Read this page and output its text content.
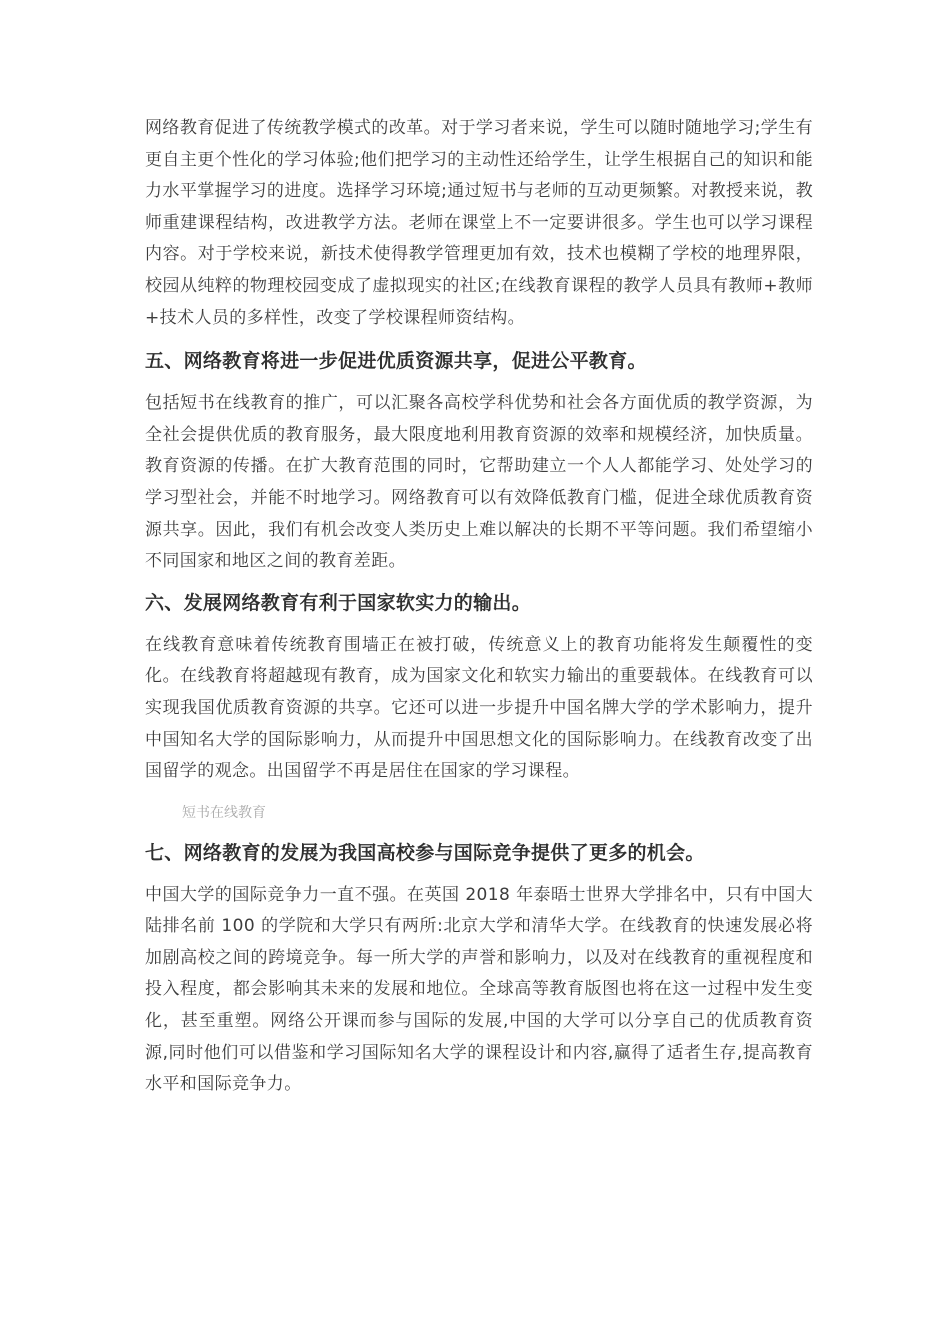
网络教育促进了传统教学模式的改革。对于学习者来说，学生可以随时随地学习;学生有更自主更个性化的学习体验;他们把学习的主动性还给学生，让学生根据自己的知识和能力水平掌握学习的进度。选择学习环境;通过短书与老师的互动更频繁。对教授来说，教师重建课程结构，改进教学方法。老师在课堂上不一定要讲很多。学生也可以学习课程内容。对于学校来说，新技术使得教学管理更加有效，技术也模糊了学校的地理界限，校园从纯粹的物理校园变成了虚拟现实的社区;在线教育课程的教学人员具有教师+教师+技术人员的多样性，改变了学校课程师资结构。

五、网络教育将进一步促进优质资源共享，促进公平教育。

包括短书在线教育的推广，可以汇聚各高校学科优势和社会各方面优质的教学资源，为全社会提供优质的教育服务，最大限度地利用教育资源的效率和规模经济，加快质量。教育资源的传播。在扩大教育范围的同时，它帮助建立一个人人都能学习、处处学习的学习型社会，并能不时地学习。网络教育可以有效降低教育门槛，促进全球优质教育资源共享。因此，我们有机会改变人类历史上难以解决的长期不平等问题。我们希望缩小不同国家和地区之间的教育差距。

六、发展网络教育有利于国家软实力的输出。

在线教育意味着传统教育围墙正在被打破，传统意义上的教育功能将发生颠覆性的变化。在线教育将超越现有教育，成为国家文化和软实力输出的重要载体。在线教育可以实现我国优质教育资源的共享。它还可以进一步提升中国名牌大学的学术影响力，提升中国知名大学的国际影响力，从而提升中国思想文化的国际影响力。在线教育改变了出国留学的观念。出国留学不再是居住在国家的学习课程。

短书在线教育
七、网络教育的发展为我国高校参与国际竞争提供了更多的机会。

中国大学的国际竞争力一直不强。在英国 2018 年泰晤士世界大学排名中，只有中国大陆排名前 100 的学院和大学只有两所:北京大学和清华大学。在线教育的快速发展必将加剧高校之间的跨境竞争。每一所大学的声誉和影响力，以及对在线教育的重视程度和投入程度，都会影响其未来的发展和地位。全球高等教育版图也将在这一过程中发生变化，甚至重塑。网络公开课而参与国际的发展,中国的大学可以分享自己的优质教育资源,同时他们可以借鉴和学习国际知名大学的课程设计和内容,赢得了适者生存,提高教育水平和国际竞争力。
